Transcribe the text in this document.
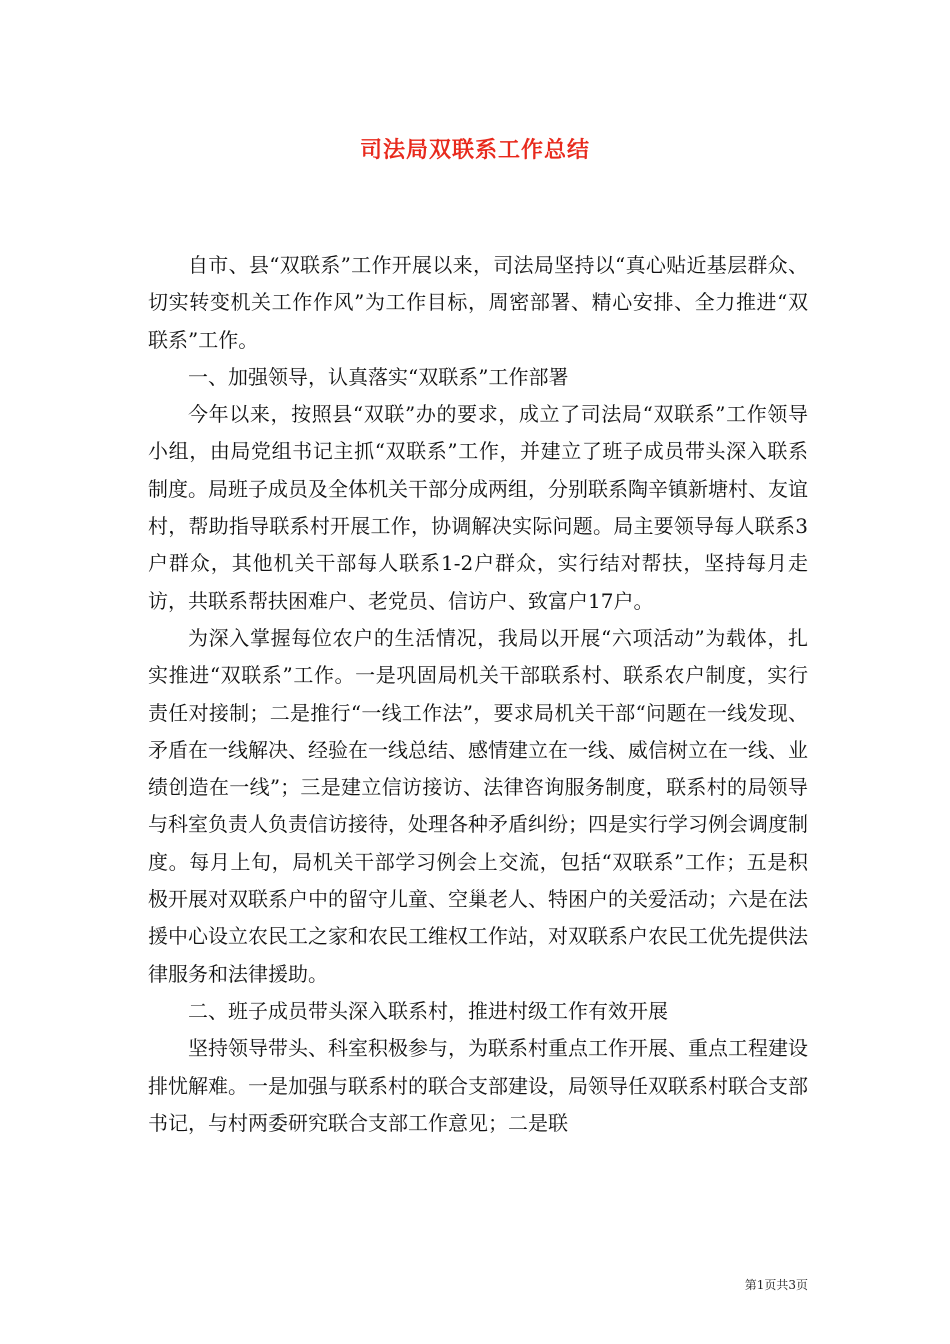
司法局双联系工作总结

自市、县“双联系”工作开展以来，司法局坚持以“真心贴近基层群众、切实转变机关工作作风”为工作目标，周密部署、精心安排、全力推进“双联系”工作。

一、加强领导，认真落实“双联系”工作部署

今年以来，按照县“双联”办的要求，成立了司法局“双联系”工作领导小组，由局党组书记主抓“双联系”工作，并建立了班子成员带头深入联系制度。局班子成员及全体机关干部分成两组，分别联系陶辛镇新塘村、友谊村，帮助指导联系村开展工作，协调解决实际问题。局主要领导每人联系3户群众，其他机关干部每人联系1-2户群众，实行结对帮扶，坚持每月走访，共联系帮扶困难户、老党员、信访户、致富户17户。

为深入掌握每位农户的生活情况，我局以开展“六项活动”为载体，扎实推进“双联系”工作。一是巩固局机关干部联系村、联系农户制度，实行责任对接制；二是推行“一线工作法”，要求局机关干部“问题在一线发现、矛盾在一线解决、经验在一线总结、感情建立在一线、威信树立在一线、业绩创造在一线”；三是建立信访接访、法律咨询服务制度，联系村的局领导与科室负责人负责信访接待，处理各种矛盾纠纷；四是实行学习例会调度制度。每月上旬，局机关干部学习例会上交流，包括“双联系”工作；五是积极开展对双联系户中的留守儿童、空巢老人、特困户的关爱活动；六是在法援中心设立农民工之家和农民工维权工作站，对双联系户农民工优先提供法律服务和法律援助。

二、班子成员带头深入联系村，推进村级工作有效开展

坚持领导带头、科室积极参与，为联系村重点工作开展、重点工程建设排忧解难。一是加强与联系村的联合支部建设，局领导任双联系村联合支部书记，与村两委研究联合支部工作意见；二是联

第1页共3页
